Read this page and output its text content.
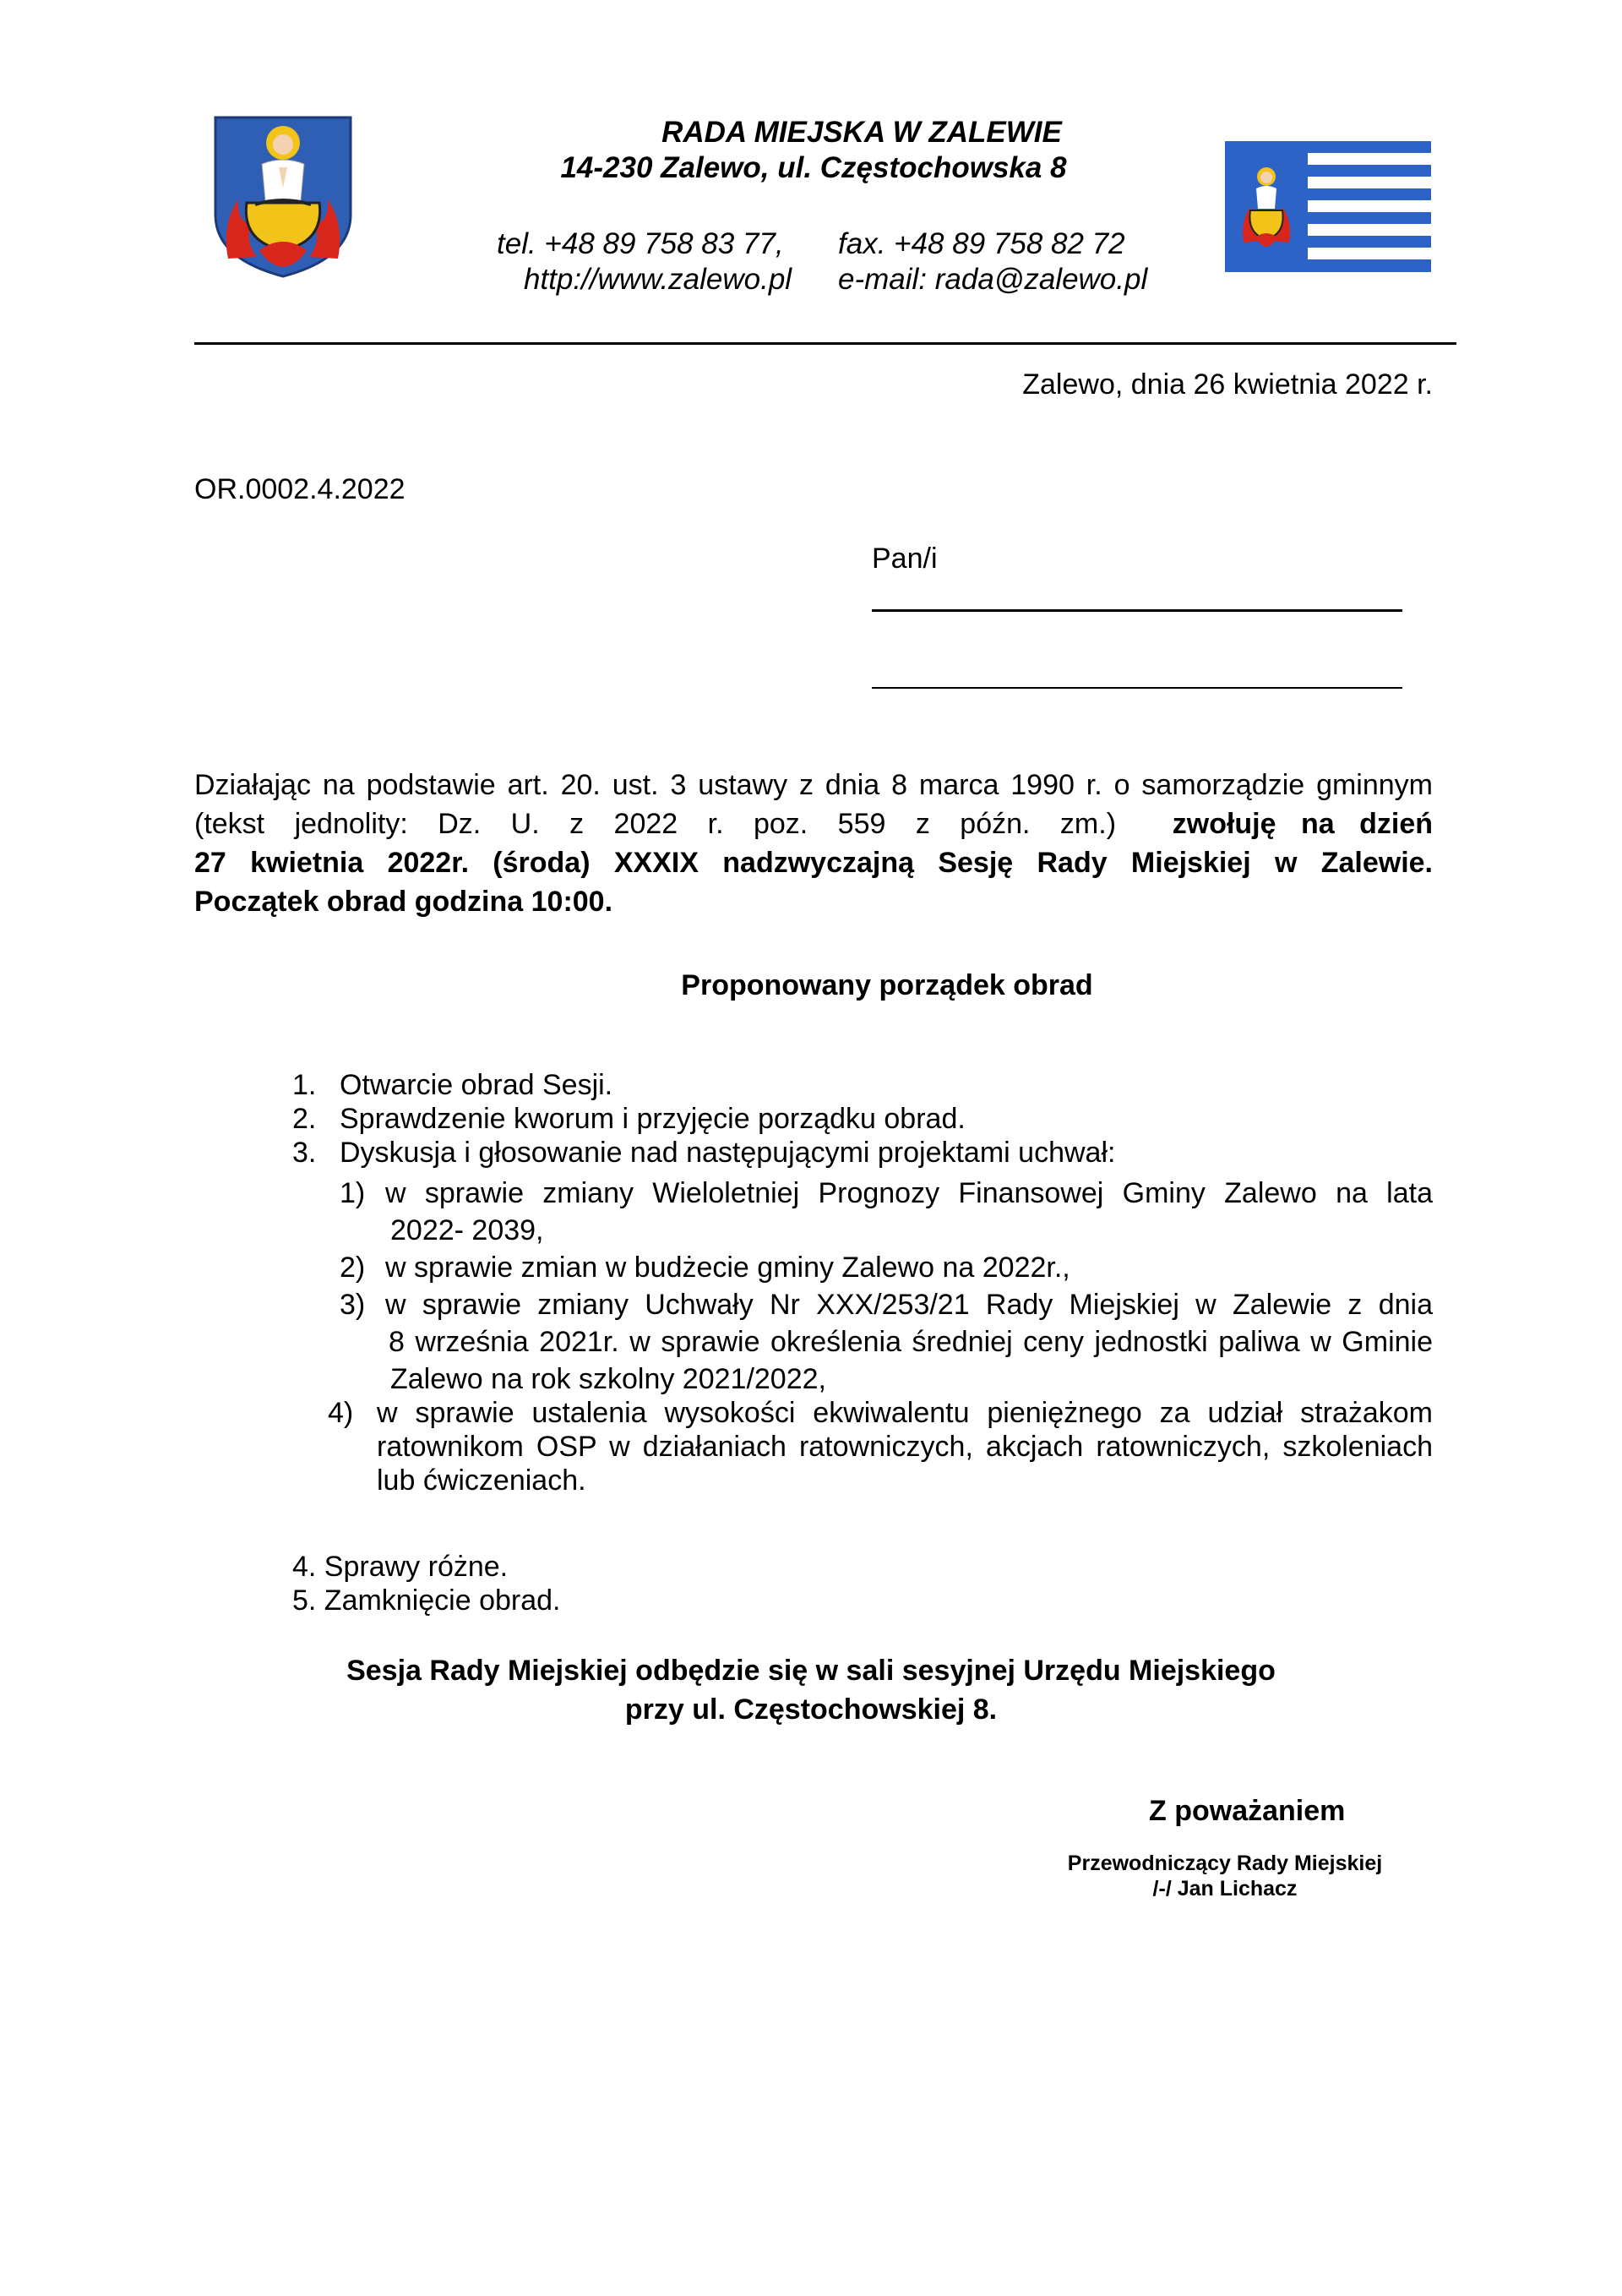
RADA MIEJSKA W ZALEWIE
14-230 Zalewo, ul. Częstochowska 8
tel. +48 89 758 83 77, fax. +48 89 758 82 72
http://www.zalewo.pl e-mail: rada@zalewo.pl
Zalewo, dnia 26 kwietnia 2022 r.
OR.0002.4.2022
Pan/i
Działając na podstawie art. 20. ust. 3 ustawy z dnia 8 marca 1990 r. o samorządzie gminnym
(tekst jednolity: Dz. U. z 2022 r. poz. 559 z późn. zm.) zwołuję na dzień
27 kwietnia 2022r. (środa) XXXIX nadzwyczajną Sesję Rady Miejskiej w Zalewie.
Początek obrad godzina 10:00.
Proponowany porządek obrad
1. Otwarcie obrad Sesji.
2. Sprawdzenie kworum i przyjęcie porządku obrad.
3. Dyskusja i głosowanie nad następującymi projektami uchwał:
1) w sprawie zmiany Wieloletniej Prognozy Finansowej Gminy Zalewo na lata
2022- 2039,
2) w sprawie zmian w budżecie gminy Zalewo na 2022r.,
3) w sprawie zmiany Uchwały Nr XXX/253/21 Rady Miejskiej w Zalewie z dnia
8 września 2021r. w sprawie określenia średniej ceny jednostki paliwa w Gminie
Zalewo na rok szkolny 2021/2022,
4) w sprawie ustalenia wysokości ekwiwalentu pieniężnego za udział strażakom
ratownikom OSP w działaniach ratowniczych, akcjach ratowniczych, szkoleniach
lub ćwiczeniach.
4. Sprawy różne.
5. Zamknięcie obrad.
Sesja Rady Miejskiej odbędzie się w sali sesyjnej Urzędu Miejskiego
przy ul. Częstochowskiej 8.
Z poważaniem
Przewodniczący Rady Miejskiej
/-/ Jan Lichacz
